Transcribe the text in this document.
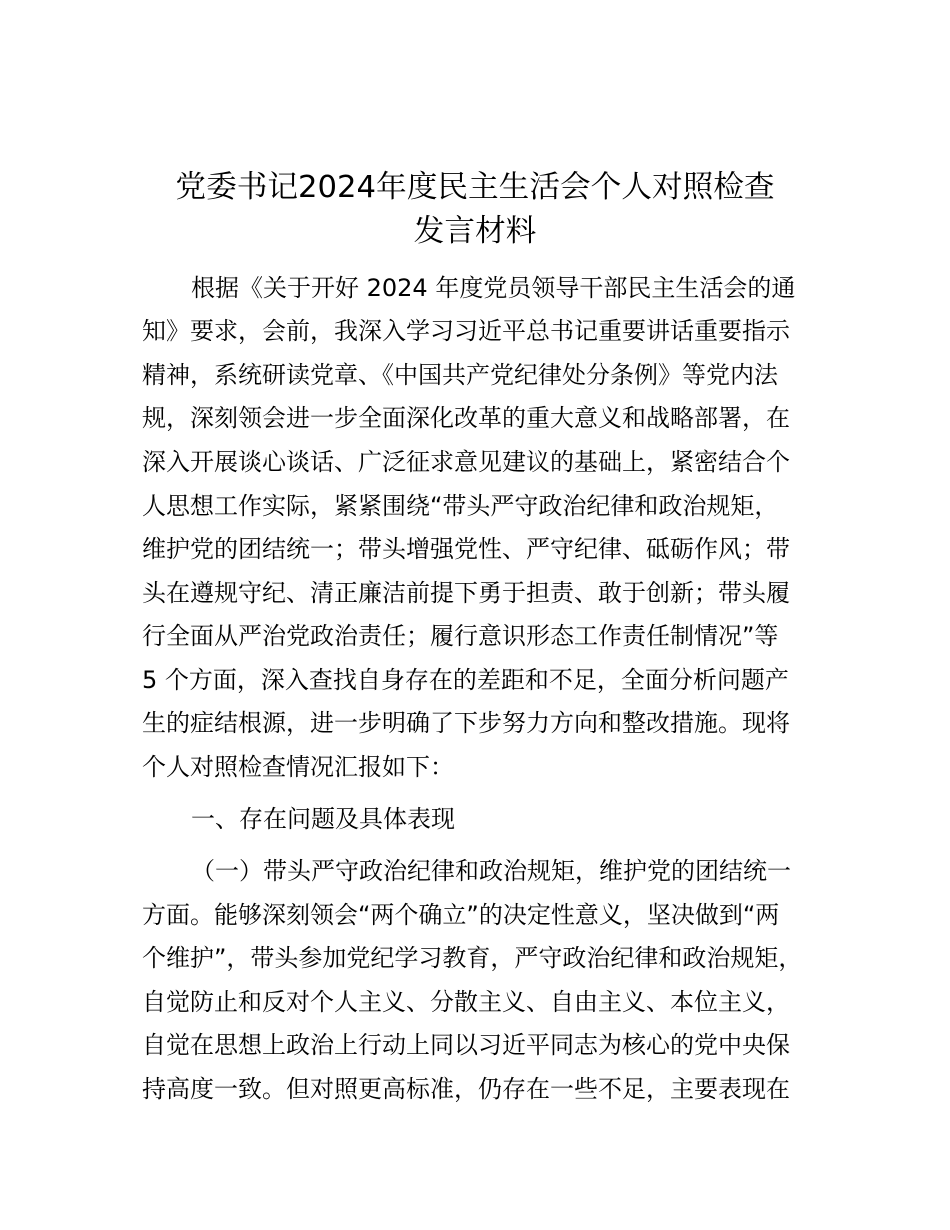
党委书记2024年度民主生活会个人对照检查
发言材料

根据《关于开好 2024 年度党员领导干部民主生活会的通

知》要求，会前，我深入学习习近平总书记重要讲话重要指示

精神，系统研读党章、《中国共产党纪律处分条例》等党内法

规，深刻领会进一步全面深化改革的重大意义和战略部署，在

深入开展谈心谈话、广泛征求意见建议的基础上，紧密结合个

人思想工作实际，紧紧围绕“带头严守政治纪律和政治规矩，

维护党的团结统一；带头增强党性、严守纪律、砥砺作风；带

头在遵规守纪、清正廉洁前提下勇于担责、敢于创新；带头履

行全面从严治党政治责任；履行意识形态工作责任制情况”等

5 个方面，深入查找自身存在的差距和不足，全面分析问题产

生的症结根源，进一步明确了下步努力方向和整改措施。现将

个人对照检查情况汇报如下：

一、存在问题及具体表现

（一）带头严守政治纪律和政治规矩，维护党的团结统一

方面。能够深刻领会“两个确立”的决定性意义，坚决做到“两

个维护”，带头参加党纪学习教育，严守政治纪律和政治规矩，

自觉防止和反对个人主义、分散主义、自由主义、本位主义，

自觉在思想上政治上行动上同以习近平同志为核心的党中央保

持高度一致。但对照更高标准，仍存在一些不足，主要表现在
